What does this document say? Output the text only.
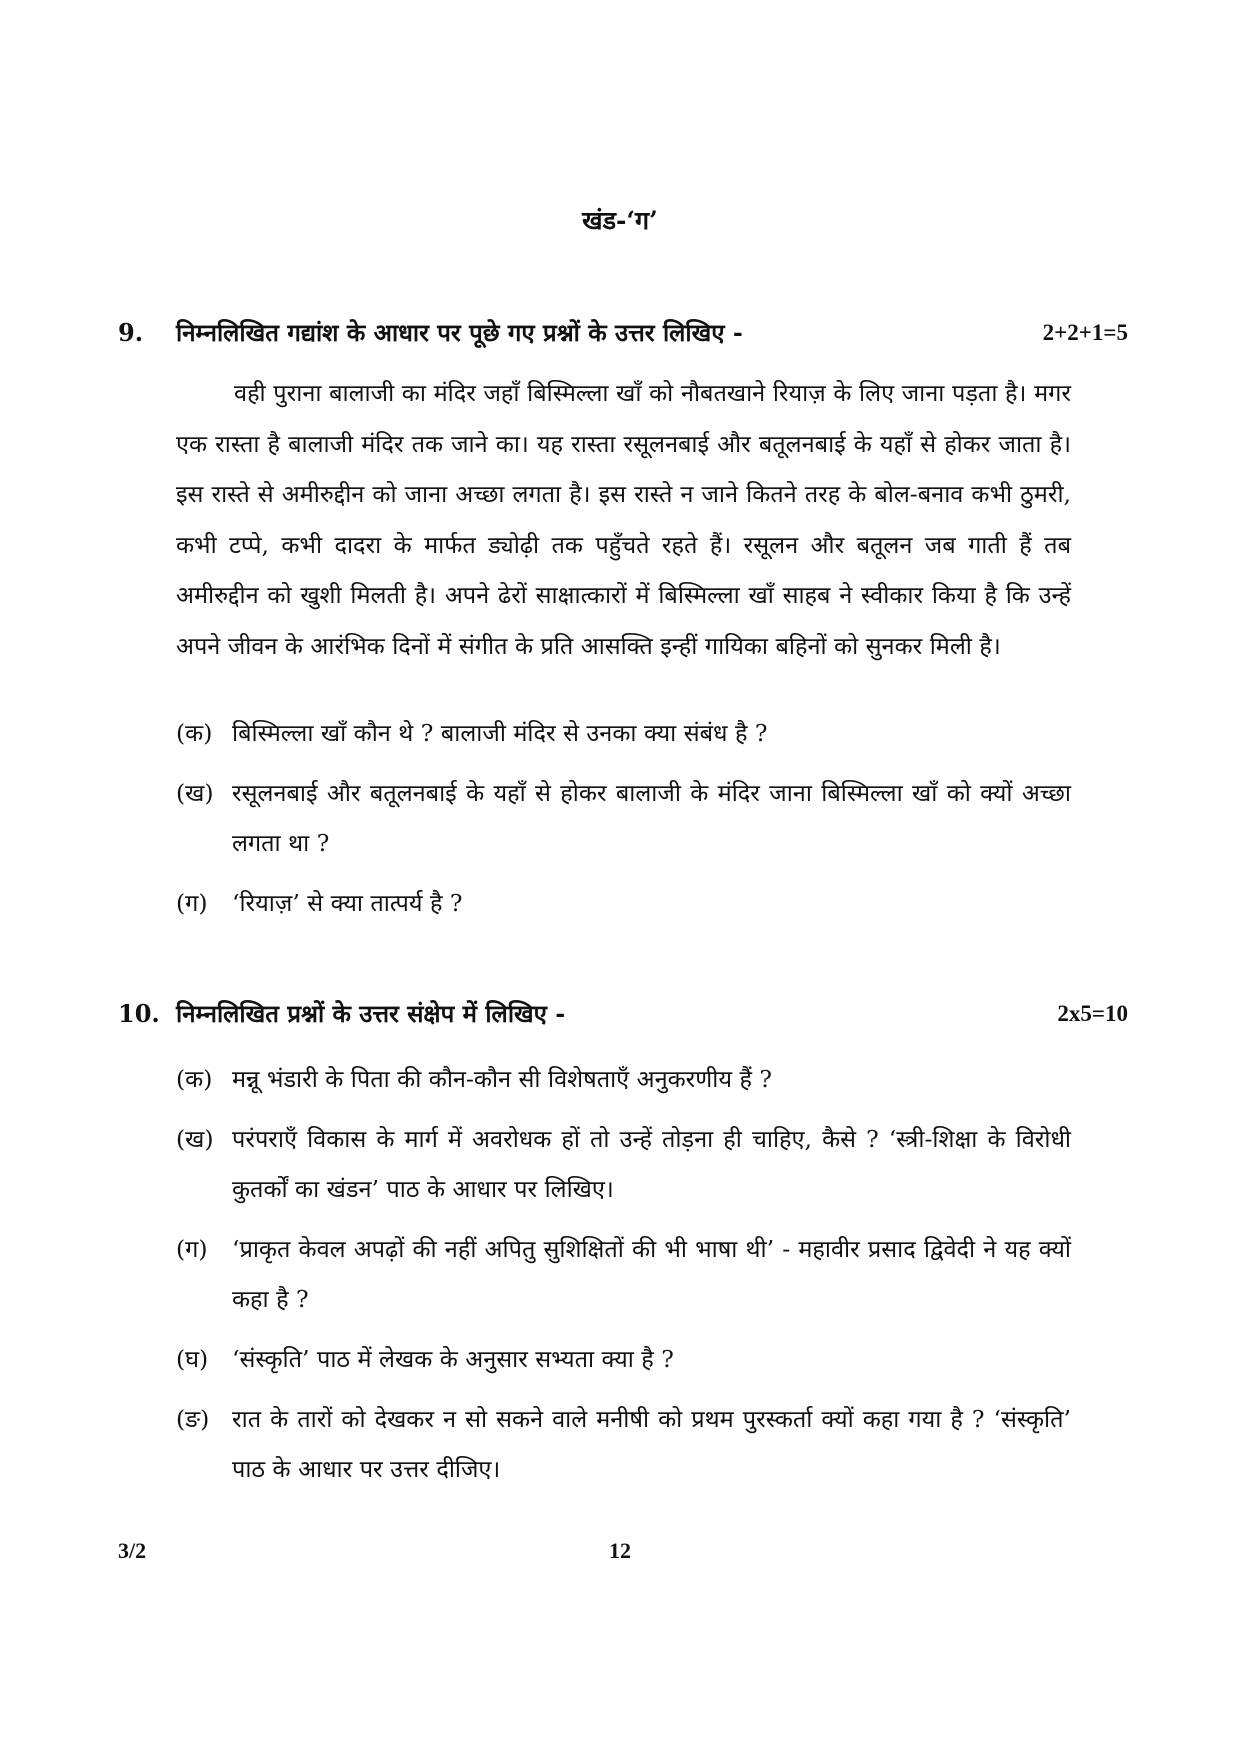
खंड-‘ग’
9. निम्नलिखित गद्यांश के आधार पर पूछे गए प्रश्नों के उत्तर लिखिए -	2+2+1=5

वही पुराना बालाजी का मंदिर जहाँ बिस्मिल्ला खाँ को नौबतखाने रियाज़ के लिए जाना पड़ता है। मगर एक रास्ता है बालाजी मंदिर तक जाने का। यह रास्ता रसूलनबाई और बतूलनबाई के यहाँ से होकर जाता है। इस रास्ते से अमीरुद्दीन को जाना अच्छा लगता है। इस रास्ते न जाने कितने तरह के बोल-बनाव कभी ठुमरी, कभी टप्पे, कभी दादरा के मार्फत ड्योढ़ी तक पहुँचते रहते हैं। रसूलन और बतूलन जब गाती हैं तब अमीरुद्दीन को खुशी मिलती है। अपने ढेरों साक्षात्कारों में बिस्मिल्ला खाँ साहब ने स्वीकार किया है कि उन्हें अपने जीवन के आरंभिक दिनों में संगीत के प्रति आसक्ति इन्हीं गायिका बहिनों को सुनकर मिली है।

(क) बिस्मिल्ला खाँ कौन थे ? बालाजी मंदिर से उनका क्या संबंध है ?
(ख) रसूलनबाई और बतूलनबाई के यहाँ से होकर बालाजी के मंदिर जाना बिस्मिल्ला खाँ को क्यों अच्छा लगता था ?
(ग) ‘रियाज़’ से क्या तात्पर्य है ?
10. निम्नलिखित प्रश्नों के उत्तर संक्षेप में लिखिए -	2x5=10
(क) मन्नू भंडारी के पिता की कौन-कौन सी विशेषताएँ अनुकरणीय हैं ?
(ख) परंपराएँ विकास के मार्ग में अवरोधक हों तो उन्हें तोड़ना ही चाहिए, कैसे ? ‘स्त्री-शिक्षा के विरोधी कुतर्कों का खंडन’ पाठ के आधार पर लिखिए।
(ग) ‘प्राकृत केवल अपढ़ों की नहीं अपितु सुशिक्षितों की भी भाषा थी’ - महावीर प्रसाद द्विवेदी ने यह क्यों कहा है ?
(घ) ‘संस्कृति’ पाठ में लेखक के अनुसार सभ्यता क्या है ?
(ङ) रात के तारों को देखकर न सो सकने वाले मनीषी को प्रथम पुरस्कर्ता क्यों कहा गया है ? ‘संस्कृति’ पाठ के आधार पर उत्तर दीजिए।
3/2	12
